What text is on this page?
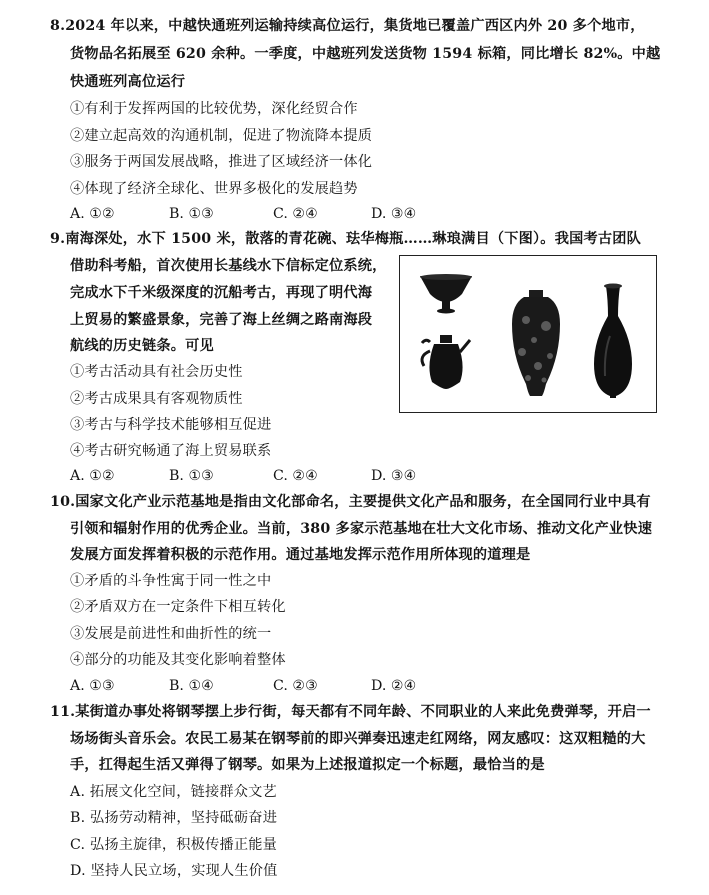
8.2024 年以来，中越快通班列运输持续高位运行，集货地已覆盖广西区内外 20 多个地市，
货物品名拓展至 620 余种。一季度，中越班列发送货物 1594 标箱，同比增长 82%。中越
快通班列高位运行
①有利于发挥两国的比较优势，深化经贸合作
②建立起高效的沟通机制，促进了物流降本提质
③服务于两国发展战略，推进了区域经济一体化
④体现了经济全球化、世界多极化的发展趋势
A. ①②	B. ①③	C. ②④	D. ③④
9.南海深处，水下 1500 米，散落的青花碗、珐华梅瓶……琳琅满目（下图）。我国考古团队
借助科考船，首次使用长基线水下信标定位系统，
完成水下千米级深度的沉船考古，再现了明代海
上贸易的繁盛景象，完善了海上丝绸之路南海段
航线的历史链条。可见
①考古活动具有社会历史性
②考古成果具有客观物质性
③考古与科学技术能够相互促进
④考古研究畅通了海上贸易联系
A. ①②	B. ①③	C. ②④	D. ③④
10.国家文化产业示范基地是指由文化部命名，主要提供文化产品和服务，在全国同行业中具有
引领和辐射作用的优秀企业。当前，380 多家示范基地在壮大文化市场、推动文化产业快速
发展方面发挥着积极的示范作用。通过基地发挥示范作用所体现的道理是
①矛盾的斗争性寓于同一性之中
②矛盾双方在一定条件下相互转化
③发展是前进性和曲折性的统一
④部分的功能及其变化影响着整体
A. ①③	B. ①④	C. ②③	D. ②④
11.某街道办事处将钢琴摆上步行街，每天都有不同年龄、不同职业的人来此免费弹琴，开启一
场场街头音乐会。农民工易某在钢琴前的即兴弹奏迅速走红网络，网友感叹：这双粗糙的大
手，扛得起生活又弹得了钢琴。如果为上述报道拟定一个标题，最恰当的是
A. 拓展文化空间，链接群众文艺
B. 弘扬劳动精神，坚持砥砺奋进
C. 弘扬主旋律，积极传播正能量
D. 坚持人民立场，实现人生价值
